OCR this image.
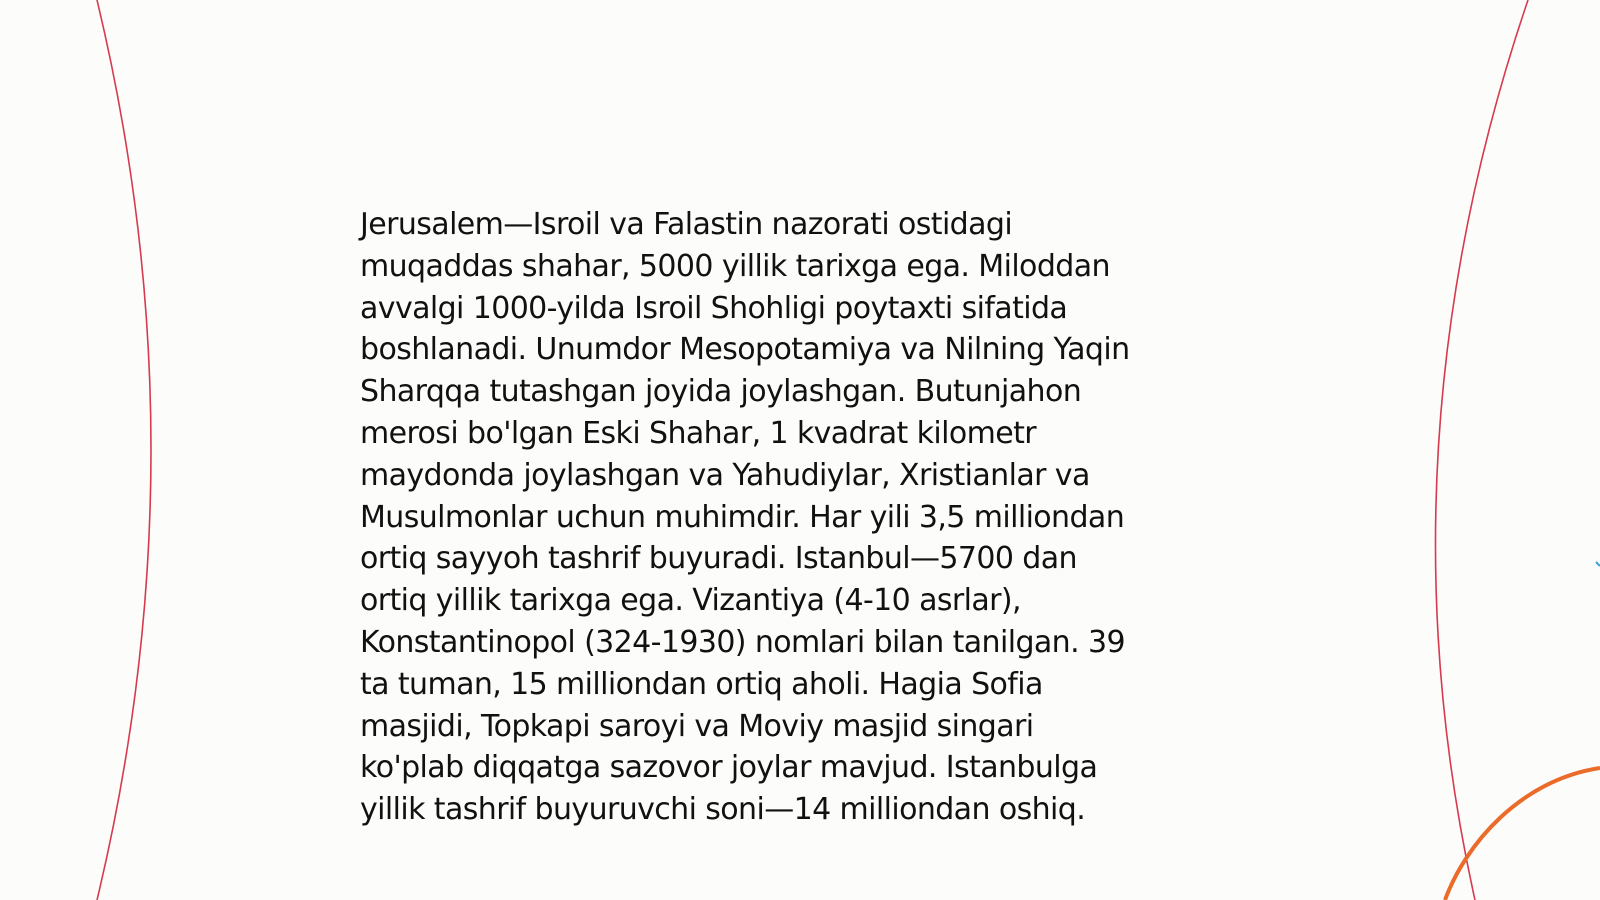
Jerusalem—Isroil va Falastin nazorati ostidagi
muqaddas shahar, 5000 yillik tarixga ega. Miloddan
avvalgi 1000-yilda Isroil Shohligi poytaxti sifatida
boshlanadi. Unumdor Mesopotamiya va Nilning Yaqin
Sharqqa tutashgan joyida joylashgan. Butunjahon
merosi bo'lgan Eski Shahar, 1 kvadrat kilometr
maydonda joylashgan va Yahudiylar, Xristianlar va
Musulmonlar uchun muhimdir. Har yili 3,5 milliondan
ortiq sayyoh tashrif buyuradi. Istanbul—5700 dan
ortiq yillik tarixga ega. Vizantiya (4-10 asrlar),
Konstantinopol (324-1930) nomlari bilan tanilgan. 39
ta tuman, 15 milliondan ortiq aholi. Hagia Sofia
masjidi, Topkapi saroyi va Moviy masjid singari
ko'plab diqqatga sazovor joylar mavjud. Istanbulga
yillik tashrif buyuruvchi soni—14 milliondan oshiq.
